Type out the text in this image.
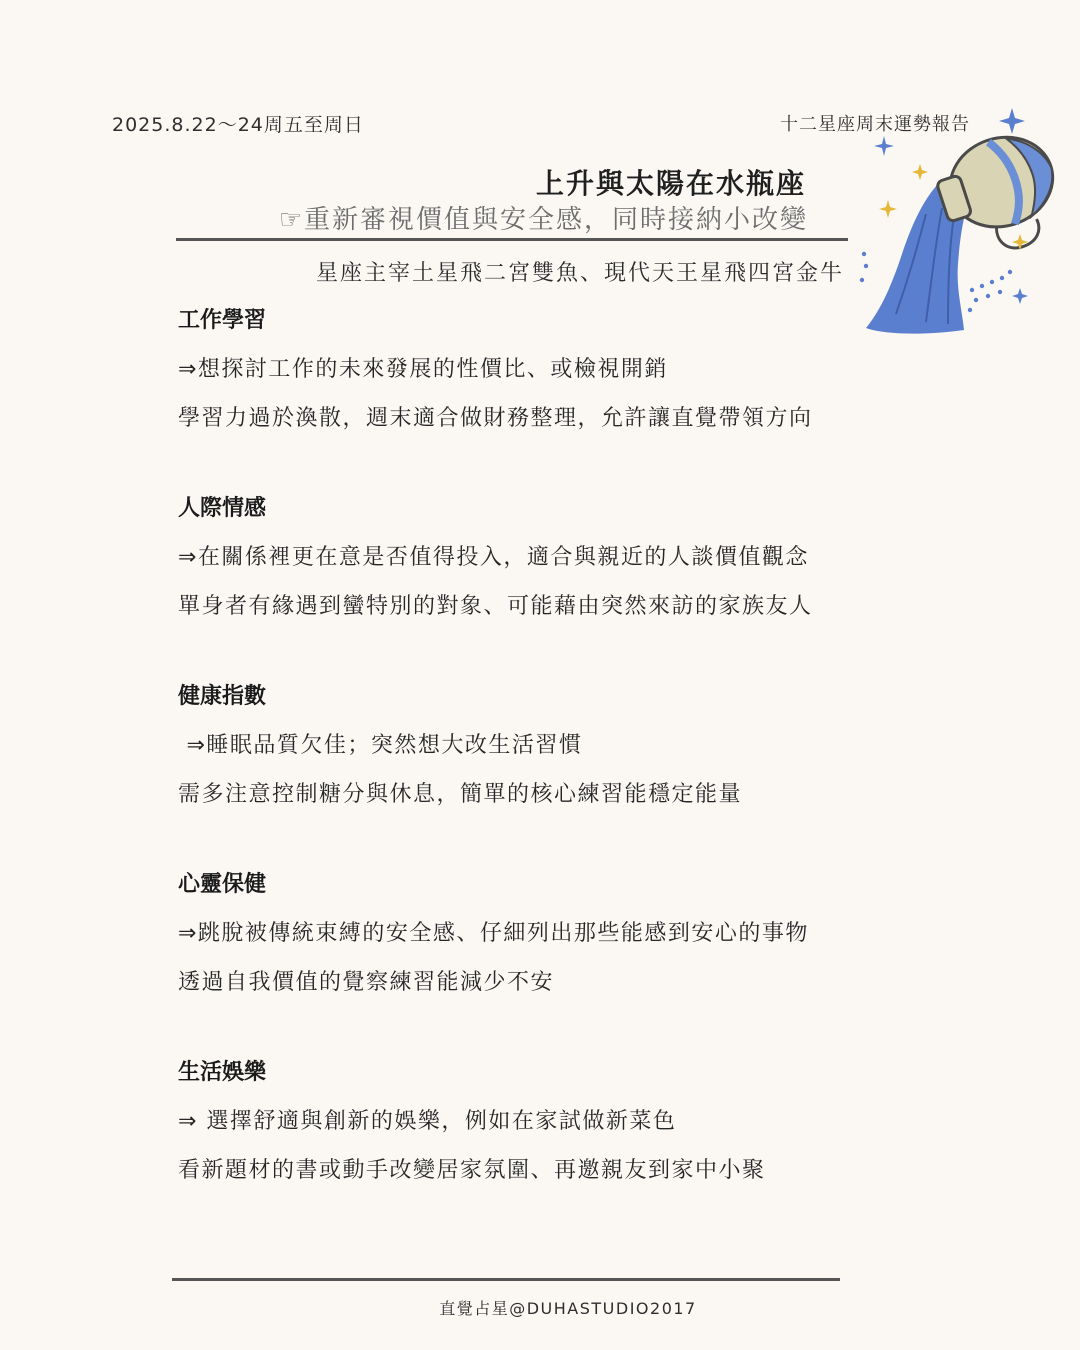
2025.8.22～24周五至周日	十二星座周末運勢報告
上升與太陽在水瓶座
☞重新審視價值與安全感，同時接納小改變
星座主宰土星飛二宮雙魚、現代天王星飛四宮金牛
工作學習
⇒想探討工作的未來發展的性價比、或檢視開銷
學習力過於渙散，週末適合做財務整理，允許讓直覺帶領方向
人際情感
⇒在關係裡更在意是否值得投入，適合與親近的人談價值觀念
單身者有緣遇到蠻特別的對象、可能藉由突然來訪的家族友人
健康指數
⇒睡眠品質欠佳；突然想大改生活習慣
需多注意控制糖分與休息，簡單的核心練習能穩定能量
心靈保健
⇒跳脫被傳統束縛的安全感、仔細列出那些能感到安心的事物
透過自我價值的覺察練習能減少不安
生活娛樂
⇒ 選擇舒適與創新的娛樂，例如在家試做新菜色
看新題材的書或動手改變居家氛圍、再邀親友到家中小聚
直覺占星@DUHASTUDIO2017
